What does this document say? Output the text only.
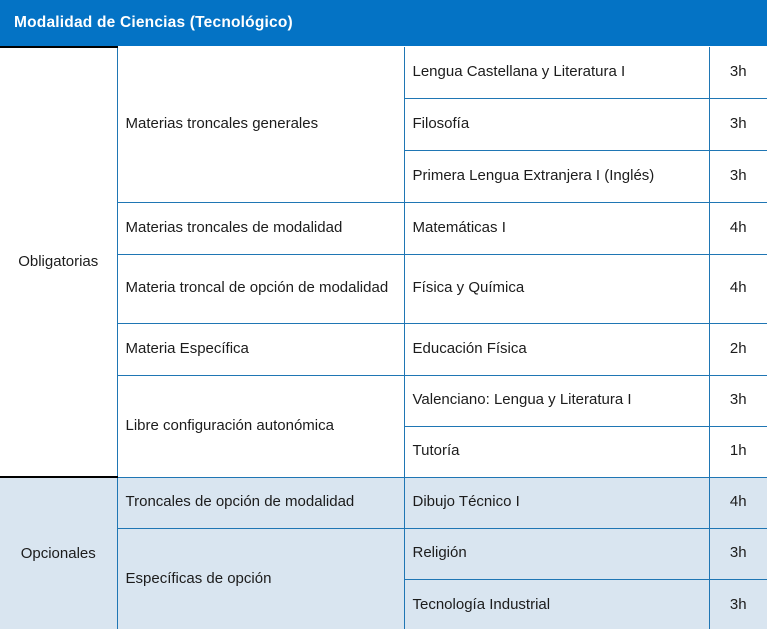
Modalidad de Ciencias (Tecnológico)
Obligatorias	Materias troncales generales	Lengua Castellana y Literatura I	3h
		Filosofía	3h
		Primera Lengua Extranjera I (Inglés)	3h
	Materias troncales de modalidad	Matemáticas I	4h
	Materia troncal de opción de modalidad	Física y Química	4h
	Materia Específica	Educación Física	2h
	Libre configuración autonómica	Valenciano: Lengua y Literatura I	3h
		Tutoría	1h
Opcionales	Troncales de opción de modalidad	Dibujo Técnico I	4h
	Específicas de opción	Religión	3h
		Tecnología Industrial	3h
